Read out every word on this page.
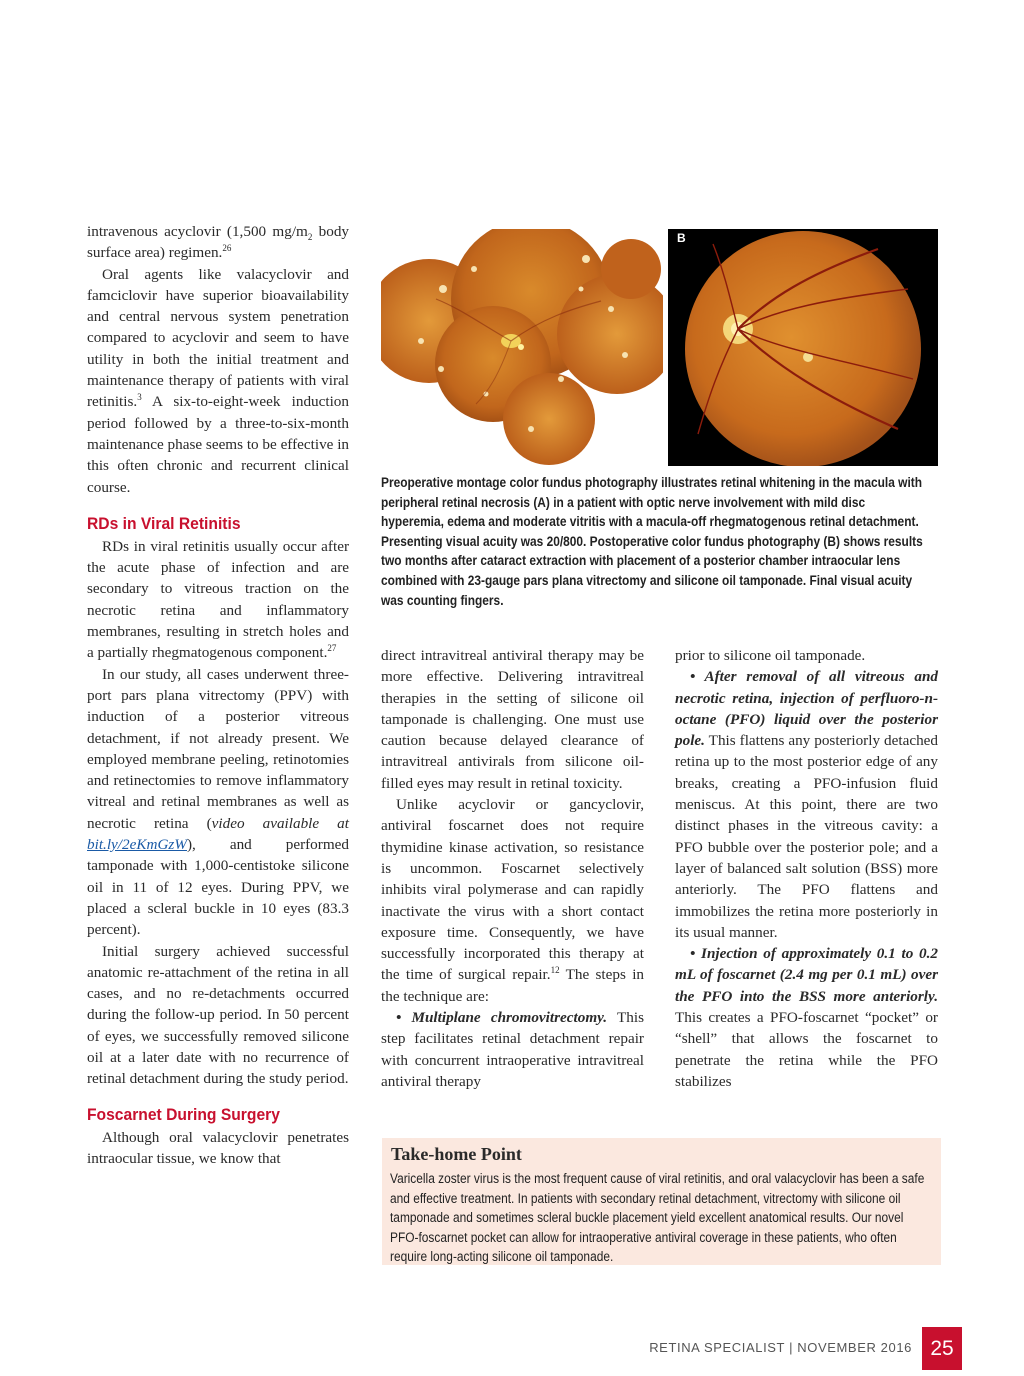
intravenous acyclovir (1,500 $mg/m_2$ body surface area) regimen.$^{26}$

Oral agents like valacyclovir and famciclovir have superior bioavailability and central nervous system penetration compared to acyclovir and seem to have utility in both the initial treatment and maintenance therapy of patients with viral retinitis.$^3$ A six-to-eight-week induction period followed by a three-to-six-month maintenance phase seems to be effective in this often chronic and recurrent clinical course.

RDs in Viral Retinitis

RDs in viral retinitis usually occur after the acute phase of infection and are secondary to vitreous traction on the necrotic retina and inflammatory membranes, resulting in stretch holes and a partially rhegmatogenous component.$^{27}$

In our study, all cases underwent three-port pars plana vitrectomy (PPV) with induction of a posterior vitreous detachment, if not already present. We employed membrane peeling, retinotomies and retinectomies to remove inflammatory vitreal and retinal membranes as well as necrotic retina (video available at bit.ly/2eKmGzW), and performed tamponade with 1,000-centistoke silicone oil in 11 of 12 eyes. During PPV, we placed a scleral buckle in 10 eyes (83.3 percent).

Initial surgery achieved successful anatomic re-attachment of the retina in all cases, and no re-detachments occurred during the follow-up period. In 50 percent of eyes, we successfully removed silicone oil at a later date with no recurrence of retinal detachment during the study period.

Foscarnet During Surgery

Although oral valacyclovir penetrates intraocular tissue, we know that

A	B
Preoperative montage color fundus photography illustrates retinal whitening in the macula with peripheral retinal necrosis (A) in a patient with optic nerve involvement with mild disc hyperemia, edema and moderate vitritis with a macula-off rhegmatogenous retinal detachment. Presenting visual acuity was 20/800. Postoperative color fundus photography (B) shows results two months after cataract extraction with placement of a posterior chamber intraocular lens combined with 23-gauge pars plana vitrectomy and silicone oil tamponade. Final visual acuity was counting fingers.

direct intravitreal antiviral therapy may be more effective. Delivering intravitreal therapies in the setting of silicone oil tamponade is challenging. One must use caution because delayed clearance of intravitreal antivirals from silicone oil-filled eyes may result in retinal toxicity.

Unlike acyclovir or gancyclovir, antiviral foscarnet does not require thymidine kinase activation, so resistance is uncommon. Foscarnet selectively inhibits viral polymerase and can rapidly inactivate the virus with a short contact exposure time. Consequently, we have successfully incorporated this therapy at the time of surgical repair.$^{12}$ The steps in the technique are:

• Multiplane chromovitrectomy. This step facilitates retinal detachment repair with concurrent intraoperative intravitreal antiviral therapy

prior to silicone oil tamponade.

• After removal of all vitreous and necrotic retina, injection of perfluoro-n-octane (PFO) liquid over the posterior pole. This flattens any posteriorly detached retina up to the most posterior edge of any breaks, creating a PFO-infusion fluid meniscus. At this point, there are two distinct phases in the vitreous cavity: a PFO bubble over the posterior pole; and a layer of balanced salt solution (BSS) more anteriorly. The PFO flattens and immobilizes the retina more posteriorly in its usual manner.

• Injection of approximately 0.1 to 0.2 mL of foscarnet (2.4 mg per 0.1 mL) over the PFO into the BSS more anteriorly. This creates a PFO-foscarnet “pocket” or “shell” that allows the foscarnet to penetrate the retina while the PFO stabilizes

Take-home Point
Varicella zoster virus is the most frequent cause of viral retinitis, and oral valacyclovir has been a safe and effective treatment. In patients with secondary retinal detachment, vitrectomy with silicone oil tamponade and sometimes scleral buckle placement yield excellent anatomical results. Our novel PFO-foscarnet pocket can allow for intraoperative antiviral coverage in these patients, who often require long-acting silicone oil tamponade.
RETINA SPECIALIST | NOVEMBER 2016 25
